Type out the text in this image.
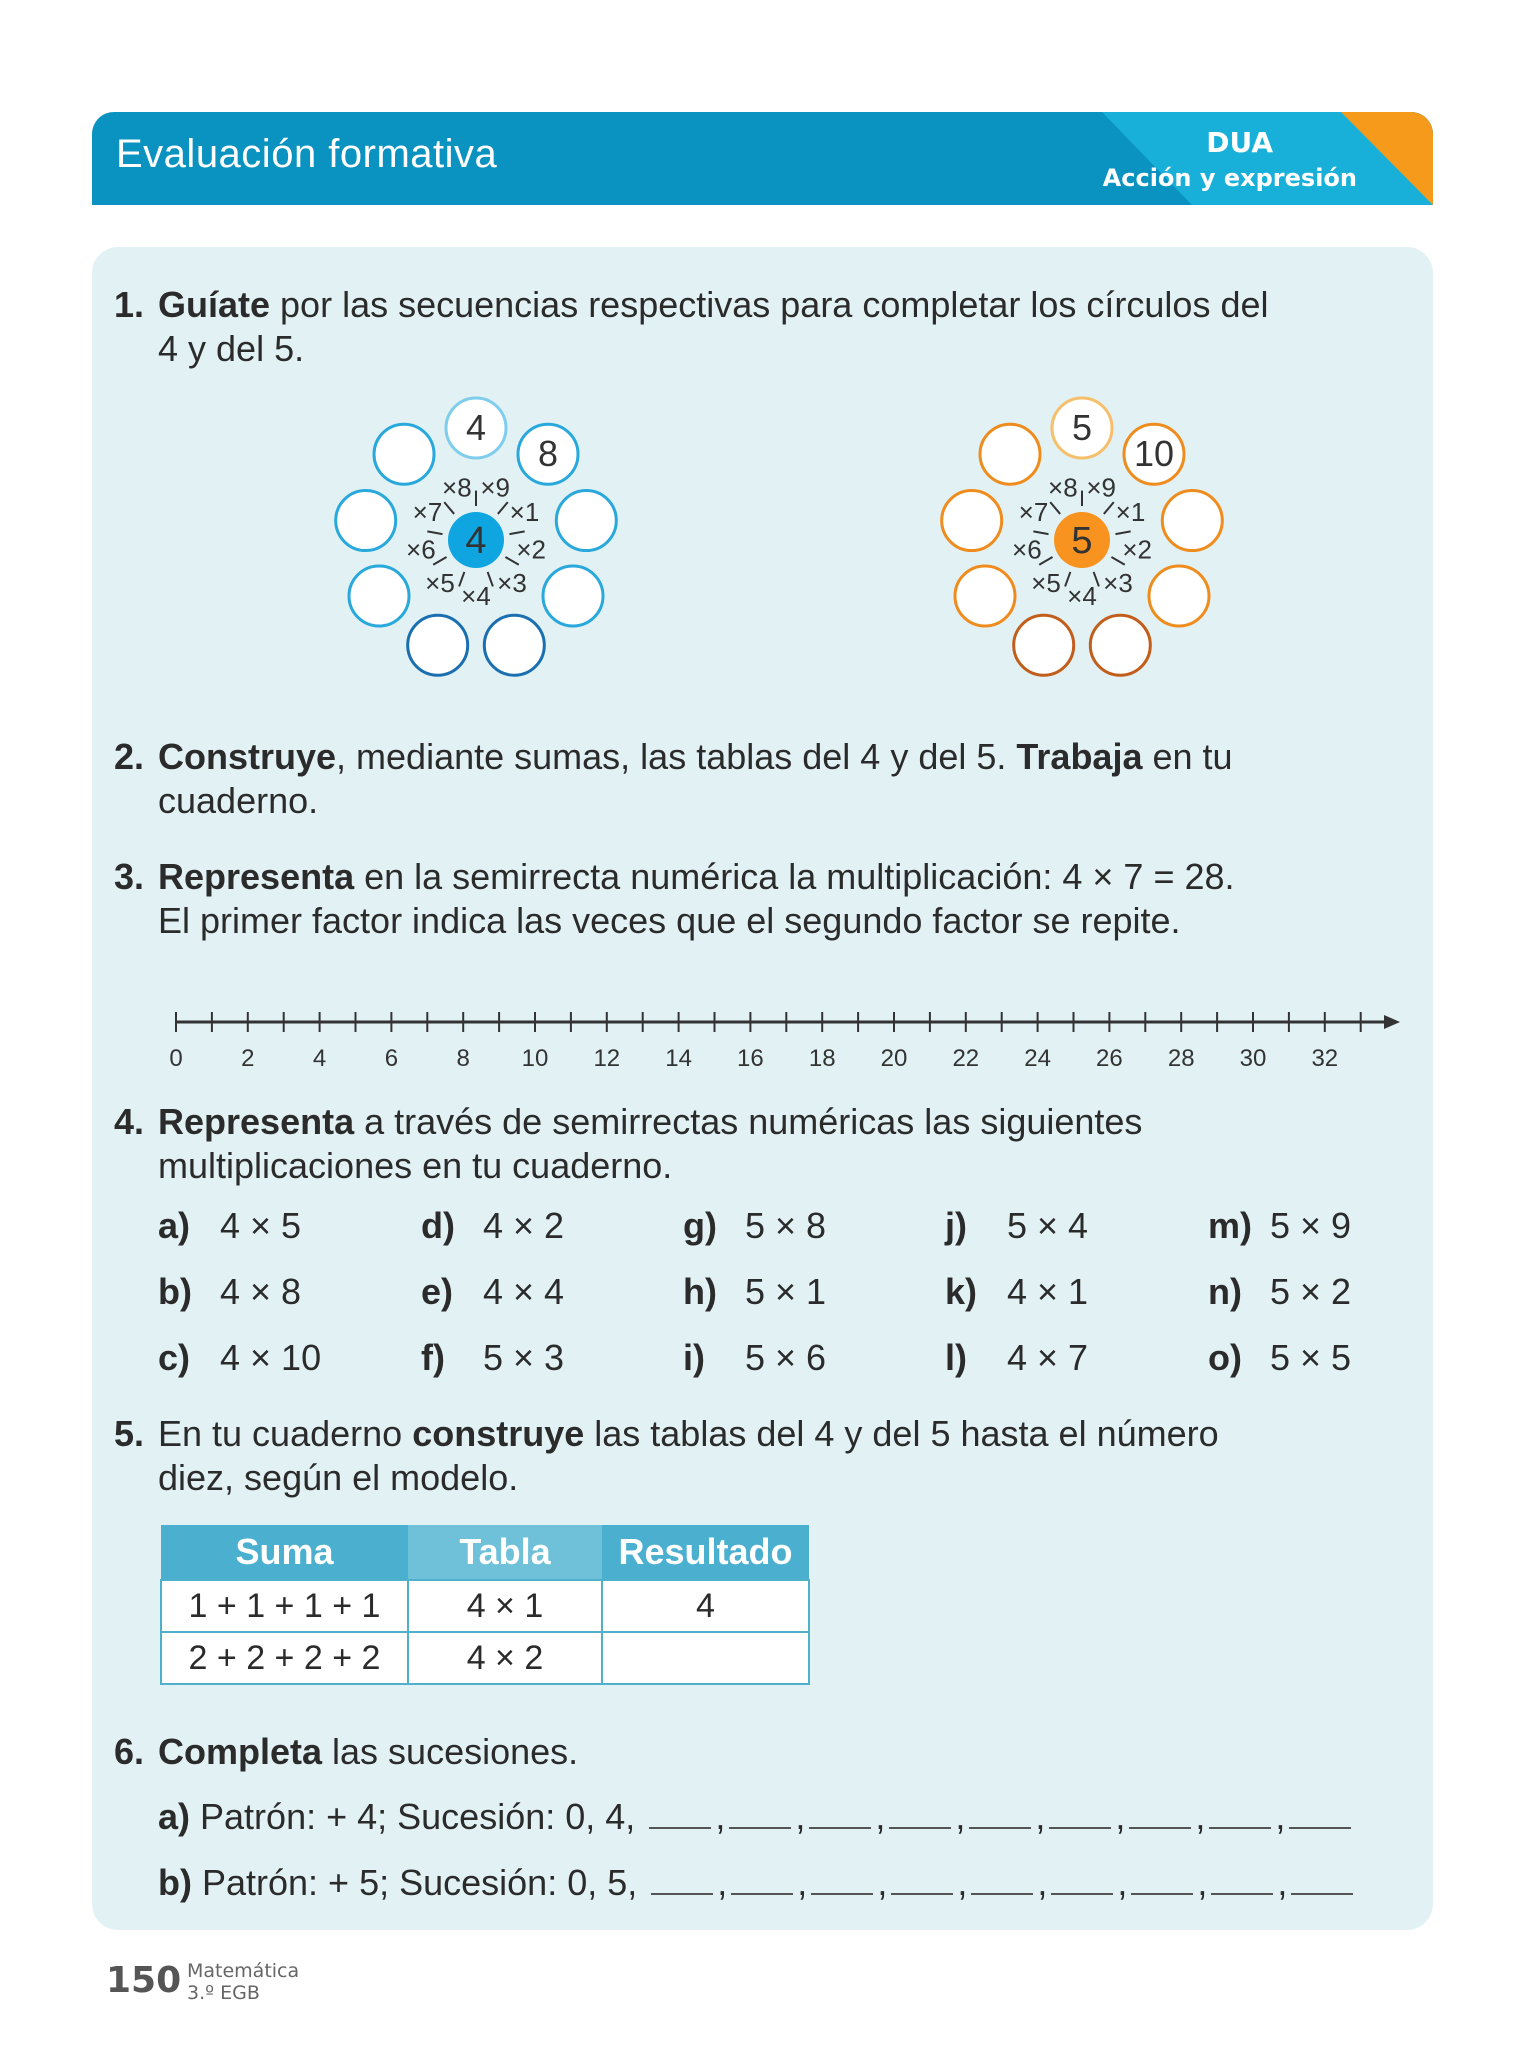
Evaluación formativa	DUA
Acción y expresión
1. Guíate por las secuencias respectivas para completar los círculos del
4 y del 5.
×9
4
×1
8
×2
×3
×4
×5
×6
×7
×8
4
×9
5
×1
10
×2
×3
×4
×5
×6
×7
×8
5
2. Construye, mediante sumas, las tablas del 4 y del 5. Trabaja en tu
cuaderno.
3. Representa en la semirrecta numérica la multiplicación: 4 × 7 = 28.
El primer factor indica las veces que el segundo factor se repite.
0 2 4 6 8 10 12 14 16 18 20 22 24 26 28 30 32
4. Representa a través de semirrectas numéricas las siguientes
multiplicaciones en tu cuaderno.
a) 4 × 5	d) 4 × 2	g) 5 × 8	j) 5 × 4	m) 5 × 9
b) 4 × 8	e) 4 × 4	h) 5 × 1	k) 4 × 1	n) 5 × 2
c) 4 × 10	f) 5 × 3	i) 5 × 6	l) 4 × 7	o) 5 × 5
5. En tu cuaderno construye las tablas del 4 y del 5 hasta el número
diez, según el modelo.
Suma	Tabla	Resultado
1 + 1 + 1 + 1	4 × 1	4
2 + 2 + 2 + 2	4 × 2	
6. Completa las sucesiones.
a) Patrón: + 4; Sucesión: 0, 4, , , , , , , , ,
b) Patrón: + 5; Sucesión: 0, 5, , , , , , , , ,
150 Matemática
3.º EGB
